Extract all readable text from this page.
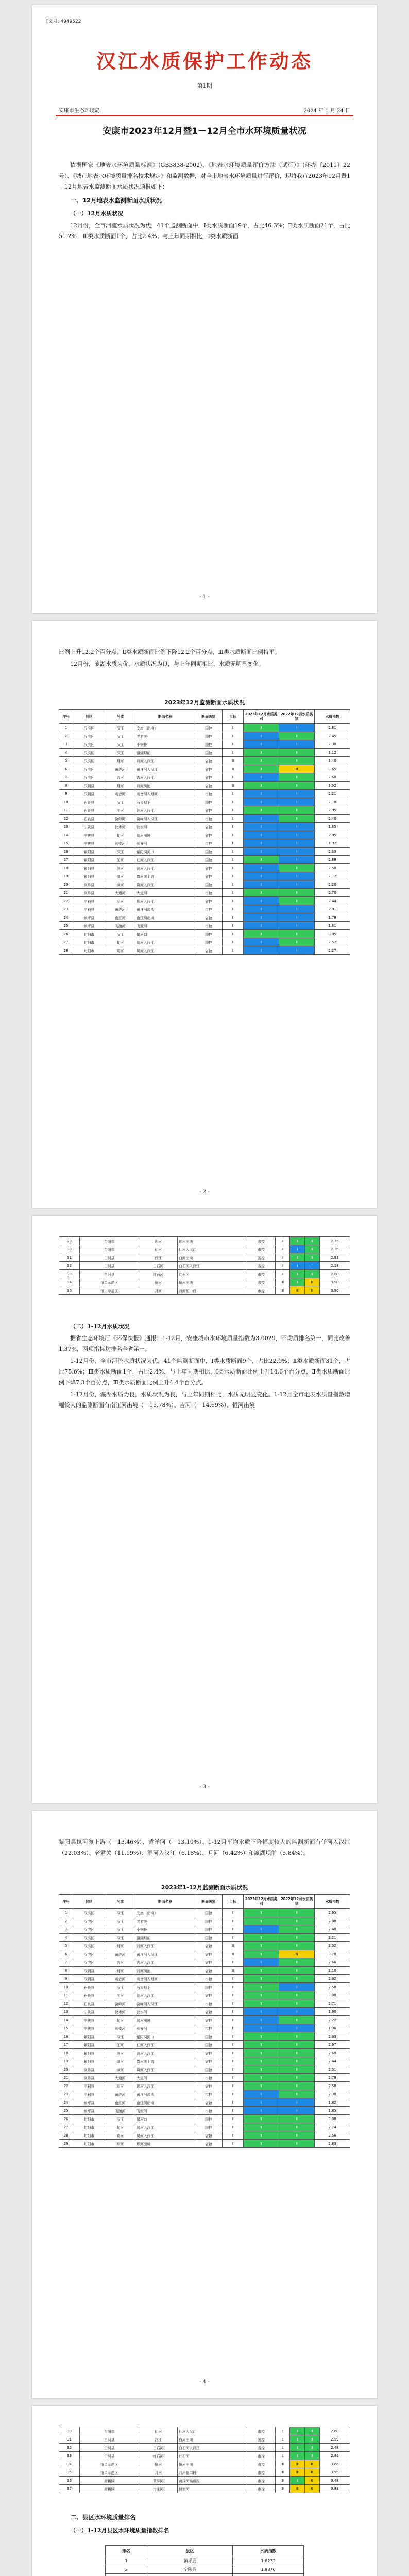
[文号: 4949522
汉江水质保护工作动态
第1期
安康市生态环境局	2024 年 1 月 24 日
安康市2023年12月暨1－12月全市水环境质量状况

依据国家《地表水环境质量标准》(GB3838-2002)、《地表水环境质量评价方法（试行）》(环办〔2011〕22号）、《城市地表水环境质量排名技术规定》和监测数据，对全市地表水环境质量进行评价，现将我市2023年12月暨1－12月地表水监测断面水质状况通报如下：

一、12月地表水监测断面水质状况
（一）12月水质状况

12月份，全市河流水质状况为优，41个监测断面中，Ⅰ类水质断面19个，占比46.3%；Ⅱ类水质断面21个，占比51.2%；Ⅲ类水质断面1个，占比2.4%；与上年同期相比，Ⅰ类水质断面

- 1 -

比例上升12.2个百分点；Ⅱ类水质断面比例下降12.2个百分点；Ⅲ类水质断面比例持平。

12月份，瀛湖水质为优，水质状况为良，与上年同期相比，水质无明显变化。

2023年12月监测断面水质状况
序号	县区	河流	断面名称	断面级别	目标	2023年12月水质类别	2022年12月水质类别	水质指数
1	汉滨区	汉江	安康（出境）	国控	Ⅱ	Ⅱ	Ⅰ	2.81
2	汉滨区	汉江	老君关	国控	Ⅱ	Ⅰ	Ⅱ	2.45
3	汉滨区	汉江	小钢桥	国控	Ⅱ	Ⅰ	Ⅰ	2.30
4	汉滨区	汉江	瀛湖坝前	国控	Ⅱ	Ⅱ	Ⅱ	3.12
5	汉滨区	月河	月河入汉江	省控	Ⅲ	Ⅱ	Ⅱ	3.40
6	汉滨区	黄洋河	黄洋河入汉江	省控	Ⅲ	Ⅱ	Ⅲ	3.65
7	汉滨区	吉河	吉河入汉江	省控	Ⅱ	Ⅰ	Ⅱ	2.60
8	汉阴县	月河	月河涧池	省控	Ⅲ	Ⅱ	Ⅱ	3.02
9	汉阴县	观音河	观音河入月河	市控	Ⅱ	Ⅰ	Ⅰ	2.21
10	石泉县	汉江	石泉坝下	国控	Ⅱ	Ⅰ	Ⅰ	2.18
11	石泉县	池河	池河入汉江	省控	Ⅱ	Ⅱ	Ⅱ	2.95
12	石泉县	饶峰河	饶峰河入汉江	市控	Ⅱ	Ⅰ	Ⅱ	2.40
13	宁陕县	汶水河	汶水河	省控	Ⅰ	Ⅰ	Ⅰ	1.85
14	宁陕县	旬河	旬河出境	省控	Ⅱ	Ⅰ	Ⅰ	2.05
15	宁陕县	长安河	长安河	市控	Ⅰ	Ⅰ	Ⅰ	1.92
16	紫阳县	汉江	紫阳洞河口	国控	Ⅱ	Ⅰ	Ⅰ	2.33
17	紫阳县	任河	任河入汉江	国控	Ⅱ	Ⅱ	Ⅰ	2.88
18	紫阳县	洞河	洞河入汉江	省控	Ⅱ	Ⅰ	Ⅱ	2.50
19	紫阳县	岚河	岚河渡上游	省控	Ⅱ	Ⅰ	Ⅰ	2.12
20	岚皋县	岚河	岚河入汉江	国控	Ⅱ	Ⅰ	Ⅰ	2.20
21	岚皋县	大道河	大道河	市控	Ⅱ	Ⅱ	Ⅱ	2.70
22	平利县	坝河	坝河入汉江	省控	Ⅱ	Ⅰ	Ⅱ	2.44
23	平利县	黄洋河	黄洋河源头	市控	Ⅱ	Ⅰ	Ⅰ	2.01
24	镇坪县	南江河	南江河出境	省控	Ⅰ	Ⅰ	Ⅰ	1.78
25	镇坪县	飞渡河	飞渡河	市控	Ⅰ	Ⅰ	Ⅰ	1.81
26	旬阳市	汉江	蜀河口	国控	Ⅱ	Ⅱ	Ⅱ	3.05
27	旬阳市	旬河	旬河入汉江	国控	Ⅱ	Ⅰ	Ⅱ	2.52
28	旬阳市	蜀河	蜀河入汉江	省控	Ⅱ	Ⅰ	Ⅰ	2.27
- 2 -
29	旬阳市	坝河	坝河出境	省控	Ⅱ	Ⅱ	Ⅱ	2.76
30	旬阳市	仙河	仙河入汉江	市控	Ⅱ	Ⅰ	Ⅱ	2.35
31	白河县	汉江	白河出境	国控	Ⅱ	Ⅱ	Ⅱ	2.92
32	白河县	白石河	白石河入汉江	省控	Ⅱ	Ⅰ	Ⅰ	2.18
33	白河县	红石河	红石河	市控	Ⅱ	Ⅱ	Ⅱ	2.80
34	恒口示范区	恒河	恒河出境	省控	Ⅲ	Ⅱ	Ⅲ	3.50
35	恒口示范区	月河	月河恒口段	市控	Ⅲ	Ⅲ	Ⅲ	3.90
（二）1-12月水质状况

据省生态环境厅《环保快报》通报：1-12月，安康城市水环境质量指数为3.0029，不均质排名第一，同比改善1.37%，两项指标均排名全省第一。

1-12月份，全市河流水质状况为优，41个监测断面中，Ⅰ类水质断面9个，占比22.0%；Ⅱ类水质断面31个，占比75.6%；Ⅲ类水质断面1个，占比2.4%，与上年同期相比，Ⅰ类水质断面比例上升14.6个百分点，Ⅱ类水质断面比例下降7.3个百分点，Ⅲ类水质断面比例上升4.4个百分点。

1-12月份，瀛湖水质为良，水质状况为良，与上年同期相比，水质无明显变化。1-12月全市地表水质量指数增幅较大的监测断面有南江河出境（－15.78%）、吉河（－14.69%）、恒河出境

- 3 -

紫阳县岚河渡上游（－13.46%）、黄洋河（－13.10%）、1-12月平均水质下降幅度较大的监测断面有任河入汉江（22.03%）、老君关（11.19%）、洞河入汉江（6.18%）、月河（6.42%）和瀛湖坝前（5.84%）。

2023年1-12月监测断面水质状况
序号	县区	河流	断面名称	断面级别	目标	2023年12月水质类别	2022年12月水质类别	水质指数
1	汉滨区	汉江	安康（出境）	国控	Ⅱ	Ⅱ	Ⅱ	2.95
2	汉滨区	汉江	老君关	国控	Ⅱ	Ⅱ	Ⅱ	2.88
3	汉滨区	汉江	小钢桥	国控	Ⅱ	Ⅰ	Ⅱ	2.40
4	汉滨区	汉江	瀛湖坝前	国控	Ⅱ	Ⅱ	Ⅱ	3.21
5	汉滨区	月河	月河入汉江	省控	Ⅲ	Ⅱ	Ⅱ	3.52
6	汉滨区	黄洋河	黄洋河入汉江	省控	Ⅲ	Ⅱ	Ⅲ	3.70
7	汉滨区	吉河	吉河入汉江	省控	Ⅱ	Ⅰ	Ⅱ	2.66
8	汉阴县	月河	月河涧池	省控	Ⅲ	Ⅱ	Ⅱ	3.10
9	汉阴县	观音河	观音河入月河	市控	Ⅱ	Ⅱ	Ⅱ	2.62
10	石泉县	汉江	石泉坝下	国控	Ⅱ	Ⅱ	Ⅰ	2.58
11	石泉县	池河	池河入汉江	省控	Ⅱ	Ⅱ	Ⅱ	3.00
12	石泉县	饶峰河	饶峰河入汉江	市控	Ⅱ	Ⅱ	Ⅱ	2.71
13	宁陕县	汶水河	汶水河	省控	Ⅰ	Ⅰ	Ⅰ	1.90
14	宁陕县	旬河	旬河出境	省控	Ⅱ	Ⅰ	Ⅱ	2.22
15	宁陕县	长安河	长安河	市控	Ⅰ	Ⅰ	Ⅰ	1.96
16	紫阳县	汉江	紫阳洞河口	国控	Ⅱ	Ⅱ	Ⅱ	2.63
17	紫阳县	任河	任河入汉江	国控	Ⅱ	Ⅱ	Ⅱ	2.97
18	紫阳县	洞河	洞河入汉江	省控	Ⅱ	Ⅱ	Ⅱ	2.69
19	紫阳县	岚河	岚河渡上游	省控	Ⅱ	Ⅱ	Ⅱ	2.44
20	岚皋县	岚河	岚河入汉江	国控	Ⅱ	Ⅱ	Ⅱ	2.51
21	岚皋县	大道河	大道河	市控	Ⅱ	Ⅱ	Ⅱ	2.79
22	平利县	坝河	坝河入汉江	省控	Ⅱ	Ⅱ	Ⅱ	2.58
23	平利县	黄洋河	黄洋河源头	市控	Ⅱ	Ⅰ	Ⅱ	2.30
24	镇坪县	南江河	南江河出境	省控	Ⅰ	Ⅰ	Ⅰ	1.82
25	镇坪县	飞渡河	飞渡河	市控	Ⅰ	Ⅰ	Ⅰ	1.85
26	旬阳市	汉江	蜀河口	国控	Ⅱ	Ⅱ	Ⅱ	3.08
27	旬阳市	旬河	旬河入汉江	国控	Ⅱ	Ⅱ	Ⅱ	2.74
28	旬阳市	蜀河	蜀河入汉江	省控	Ⅱ	Ⅱ	Ⅱ	2.56
29	旬阳市	坝河	坝河出境	省控	Ⅱ	Ⅱ	Ⅱ	2.83
- 4 -
30	旬阳市	仙河	仙河入汉江	市控	Ⅱ	Ⅱ	Ⅱ	2.60
31	白河县	汉江	白河出境	国控	Ⅱ	Ⅱ	Ⅱ	2.99
32	白河县	白石河	白石河入汉江	省控	Ⅱ	Ⅱ	Ⅱ	2.48
33	白河县	红石河	红石河	市控	Ⅱ	Ⅱ	Ⅱ	2.86
34	恒口示范区	恒河	恒河出境	省控	Ⅲ	Ⅲ	Ⅲ	3.66
35	恒口示范区	月河	月河恒口段	市控	Ⅲ	Ⅲ	Ⅲ	3.95
36	高新区	黄洋河	黄洋河高新段	市控	Ⅲ	Ⅱ	Ⅲ	3.48
37	高新区	付家河	付家河	市控	Ⅲ	Ⅲ	Ⅲ	3.88
二、县区水环境质量排名
（一）1-12月县区水环境质量指数排名
排名	县区	水质指数
1	镇坪县	1.8232
2	宁陕县	1.9876
